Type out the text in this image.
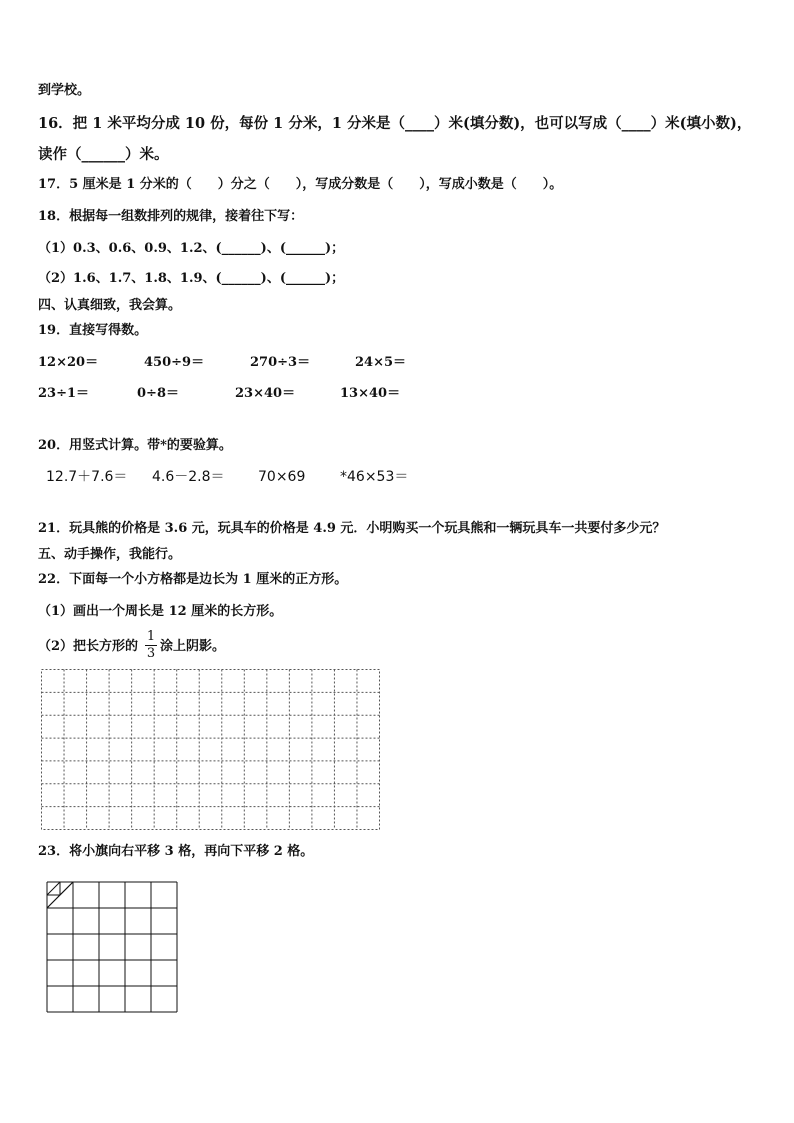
到学校。
16．把 1 米平均分成 10 份，每份 1 分米，1 分米是（____）米(填分数)，也可以写成（____）米(填小数)，
读作（______）米。
17．5 厘米是 1 分米的（　　）分之（　　），写成分数是（　　），写成小数是（　　）。
18．根据每一组数排列的规律，接着往下写：
（1）0.3、0.6、0.9、1.2、(______)、(______)；
（2）1.6、1.7、1.8、1.9、(______)、(______)；
四、认真细致，我会算。
19．直接写得数。
12×20＝	450÷9＝	270÷3＝	24×5＝
23÷1＝	0÷8＝	23×40＝	13×40＝
20．用竖式计算。带*的要验算。
12.7＋7.6＝ 4.6－2.8＝ 70×69 *46×53＝
21．玩具熊的价格是 3.6 元，玩具车的价格是 4.9 元．小明购买一个玩具熊和一辆玩具车一共要付多少元？
五、动手操作，我能行。
22．下面每一个小方格都是边长为 1 厘米的正方形。
（1）画出一个周长是 12 厘米的长方形。
（2）把长方形的
1
3 涂上阴影。
23．将小旗向右平移 3 格，再向下平移 2 格。
